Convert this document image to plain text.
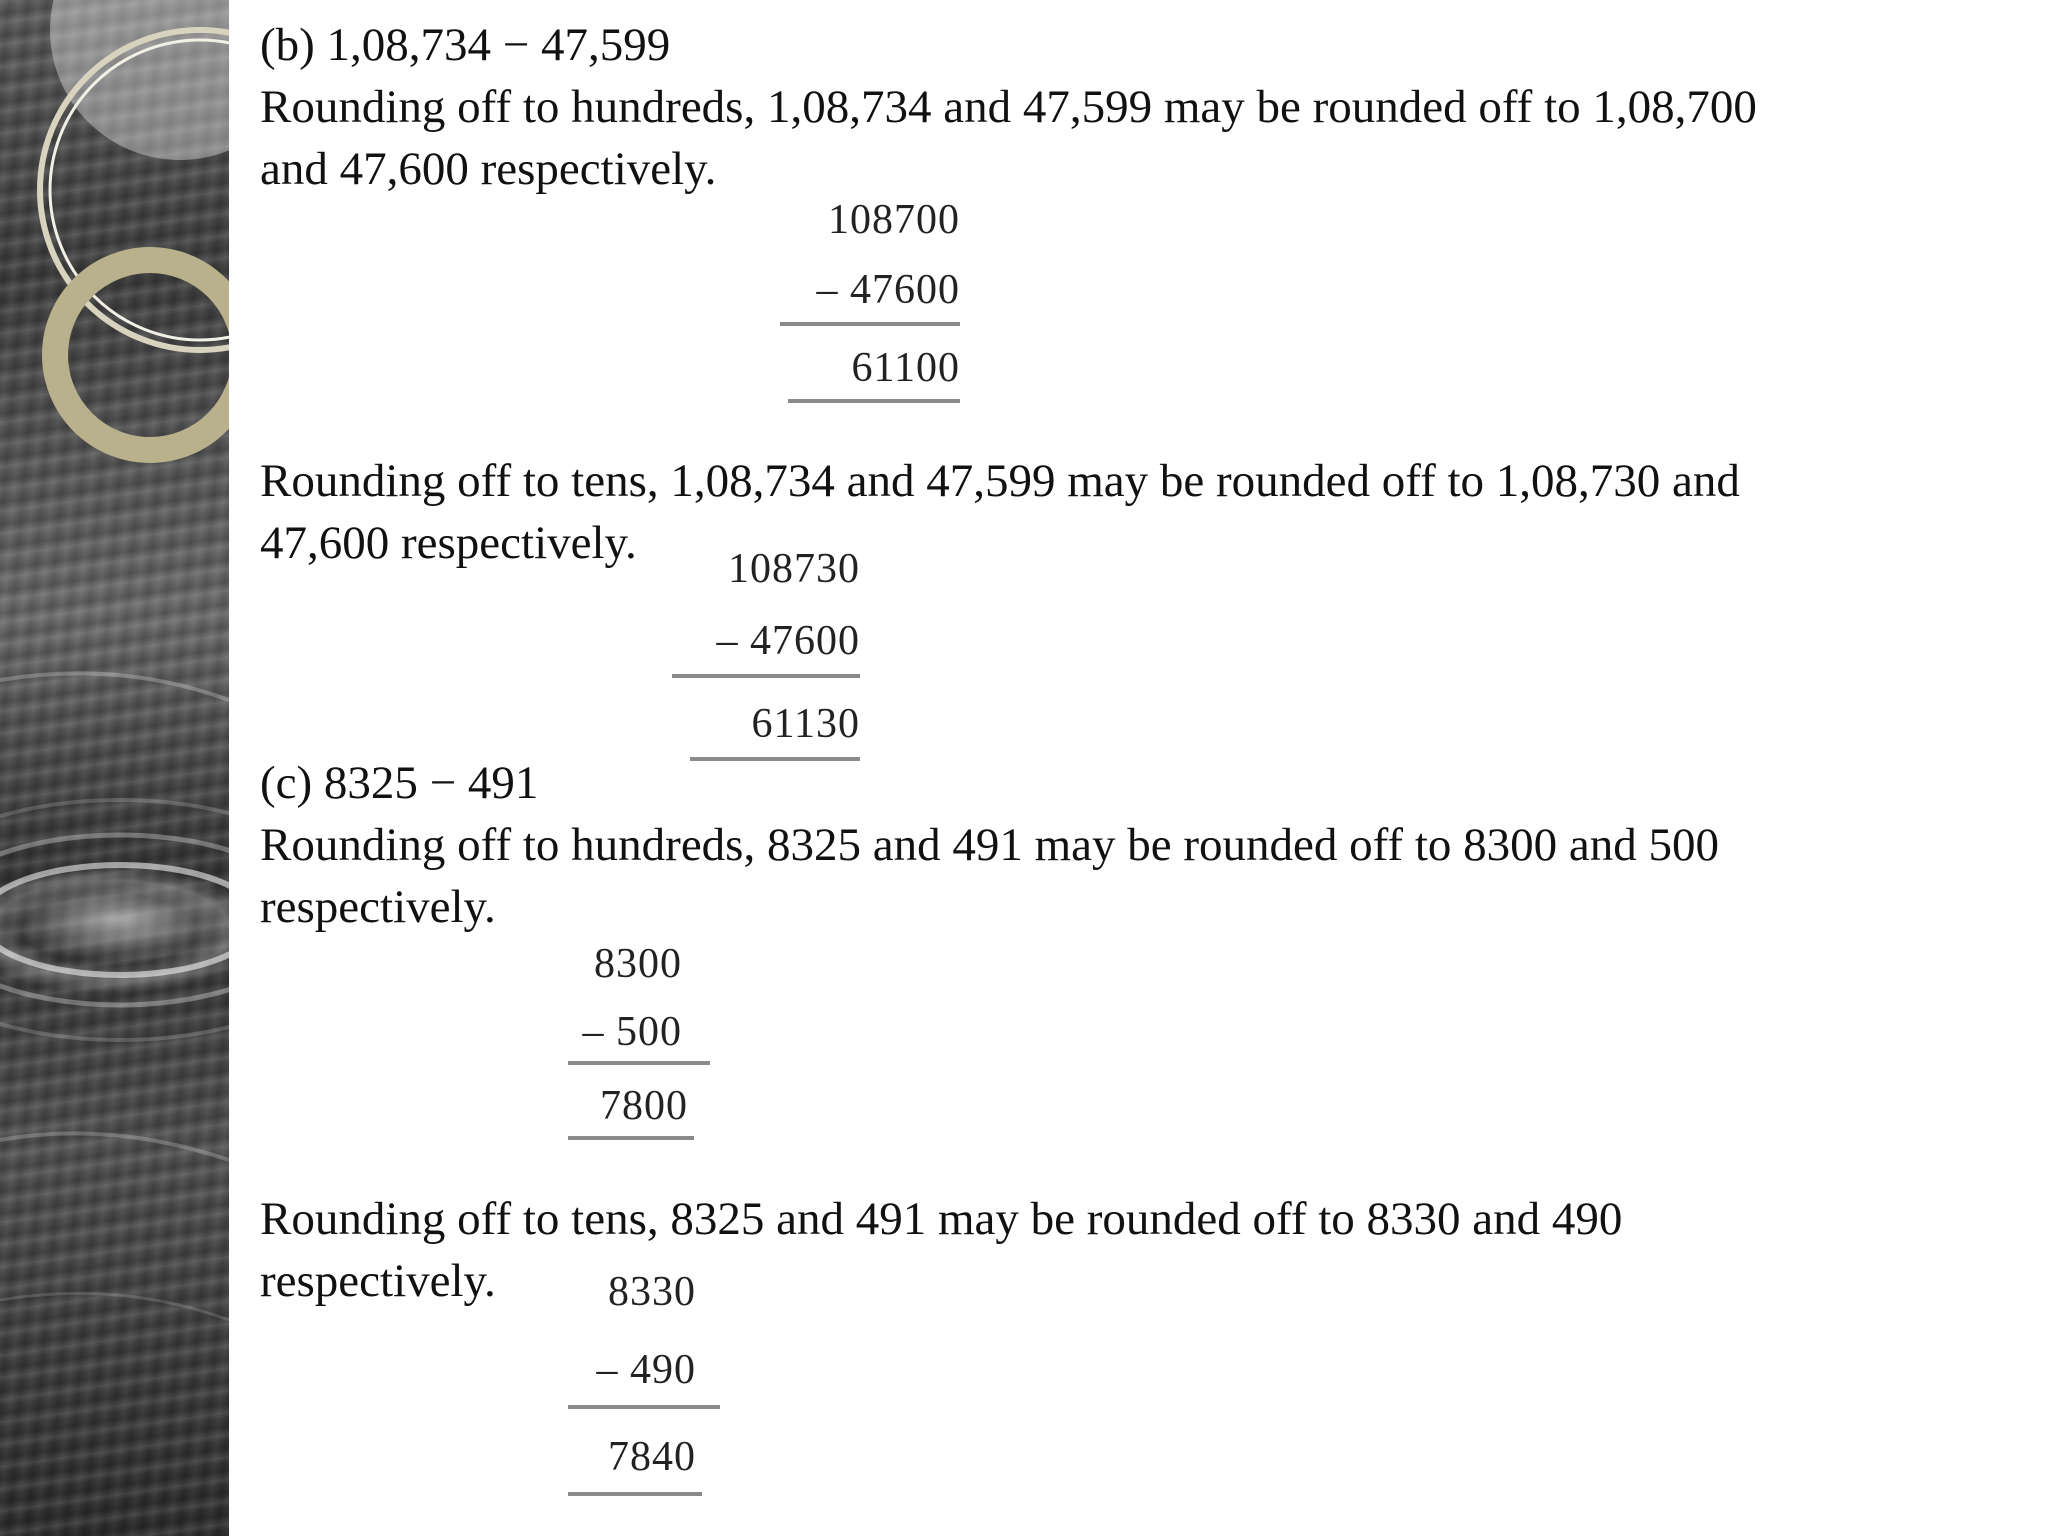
(b) 1,08,734 − 47,599

Rounding off to hundreds, 1,08,734 and 47,599 may be rounded off to 1,08,700

and 47,600 respectively.

108700
– 47600
61100

Rounding off to tens, 1,08,734 and 47,599 may be rounded off to 1,08,730 and

47,600 respectively. 108730
– 47600
61130

(c) 8325 − 491

Rounding off to hundreds, 8325 and 491 may be rounded off to 8300 and 500

respectively.

8300
– 500
7800

Rounding off to tens, 8325 and 491 may be rounded off to 8330 and 490

respectively.	8330
– 490
7840
